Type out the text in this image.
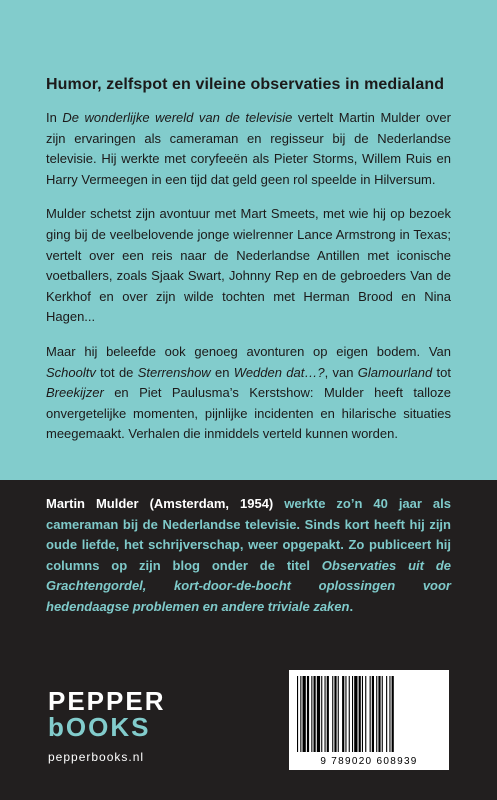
Humor, zelfspot en vileine observaties in medialand

In De wonderlijke wereld van de televisie vertelt Martin Mulder over zijn ervaringen als cameraman en regisseur bij de Nederlandse televisie. Hij werkte met coryfeeën als Pieter Storms, Willem Ruis en Harry Vermeegen in een tijd dat geld geen rol speelde in Hilversum.

Mulder schetst zijn avontuur met Mart Smeets, met wie hij op bezoek ging bij de veelbelovende jonge wielrenner Lance Armstrong in Texas; vertelt over een reis naar de Nederlandse Antillen met iconische voetballers, zoals Sjaak Swart, Johnny Rep en de gebroeders Van de Kerkhof en over zijn wilde tochten met Herman Brood en Nina Hagen...

Maar hij beleefde ook genoeg avonturen op eigen bodem. Van Schooltv tot de Sterrenshow en Wedden dat…?, van Glamourland tot Breekijzer en Piet Paulusma’s Kerstshow: Mulder heeft talloze onvergetelijke momenten, pijnlijke incidenten en hilarische situaties meegemaakt. Verhalen die inmiddels verteld kunnen worden.

Martin Mulder (Amsterdam, 1954) werkte zo’n 40 jaar als cameraman bij de Nederlandse televisie. Sinds kort heeft hij zijn oude liefde, het schrijverschap, weer opgepakt. Zo publiceert hij columns op zijn blog onder de titel Observaties uit de Grachtengordel, kort-door-de-bocht oplossingen voor hedendaagse problemen en andere triviale zaken.

PEPPER
bOOKS
pepperbooks.nl	9 789020 608939
